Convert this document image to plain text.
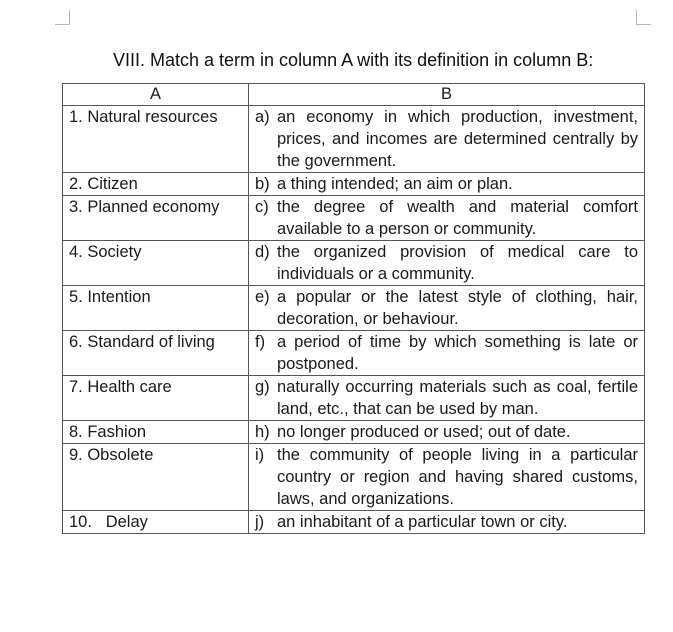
VIII. Match a term in column A with its definition in column B:
A	B

1. Natural resources	a) an economy in which production, investment, prices, and incomes are determined centrally by the government.

2. Citizen	b) a thing intended; an aim or plan.

3. Planned economy	c) the degree of wealth and material comfort available to a person or community.

4. Society	d) the organized provision of medical care to individuals or a community.

5. Intention	e) a popular or the latest style of clothing, hair, decoration, or behaviour.

6. Standard of living	f) a period of time by which something is late or postponed.

7. Health care	g) naturally occurring materials such as coal, fertile land, etc., that can be used by man.

8. Fashion	h) no longer produced or used; out of date.

9. Obsolete	i) the community of people living in a particular country or region and having shared customs, laws, and organizations.

10.   Delay	j) an inhabitant of a particular town or city.
